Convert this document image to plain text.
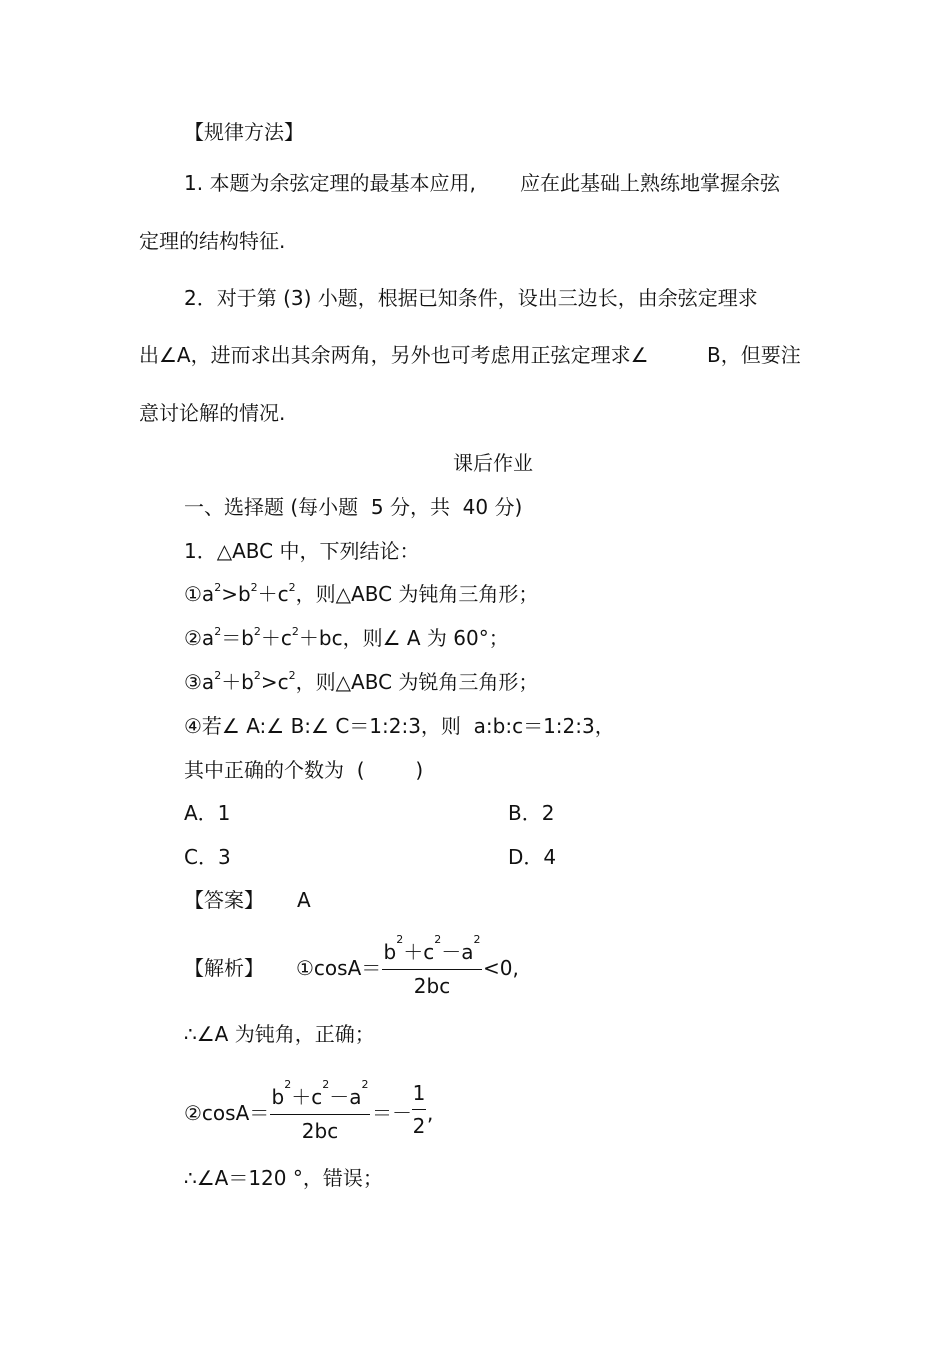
【规律方法】
1. 本题为余弦定理的最基本应用, 应在此基础上熟练地掌握余弦
定理的结构特征.
2．对于第 (3) 小题，根据已知条件，设出三边长，由余弦定理求
出∠A，进而求出其余两角，另外也可考虑用正弦定理求∠	B，但要注
意讨论解的情况.
课后作业
一、选择题 (每小题  5 分，共  40 分)
1．△ABC 中，下列结论：
$①a^2>b^2+c^2$，则△ABC 为钝角三角形；
$②a^2=b^2+c^2+bc$，则∠ A 为 60°；
$③a^2+b^2>c^2$，则△ABC 为锐角三角形；
④若∠ A:∠ B:∠ C＝1:2:3，则  a:b:c＝1:2:3，
其中正确的个数为  (        )
A．1	B．2
C．3	D．4
【答案】 A
【解析】 ①cosA＝
$b^2+c^2-a^2$
2bc
<0,
∴∠A 为钝角，正确；
②cosA＝
$b^2+c^2-a^2$
2bc
＝－
1
2
,
∴∠A＝120 °，错误；
